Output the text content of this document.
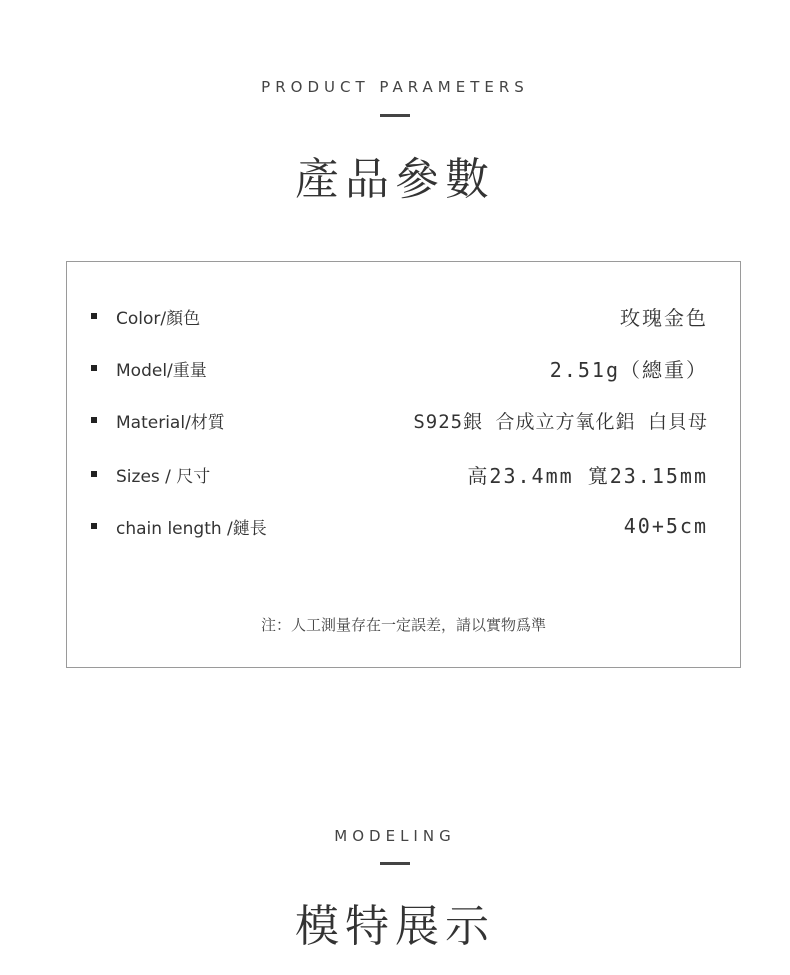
PRODUCT PARAMETERS
產品參數
Color/顏色	玫瑰金色
Model/重量	2.51g（總重）
Material/材質	S925銀 合成立方氧化鋁 白貝母
Sizes / 尺寸	高23.4mm 寬23.15mm
chain length /鏈長	40+5cm
注：人工測量存在一定誤差，請以實物爲準
MODELING
模特展示
